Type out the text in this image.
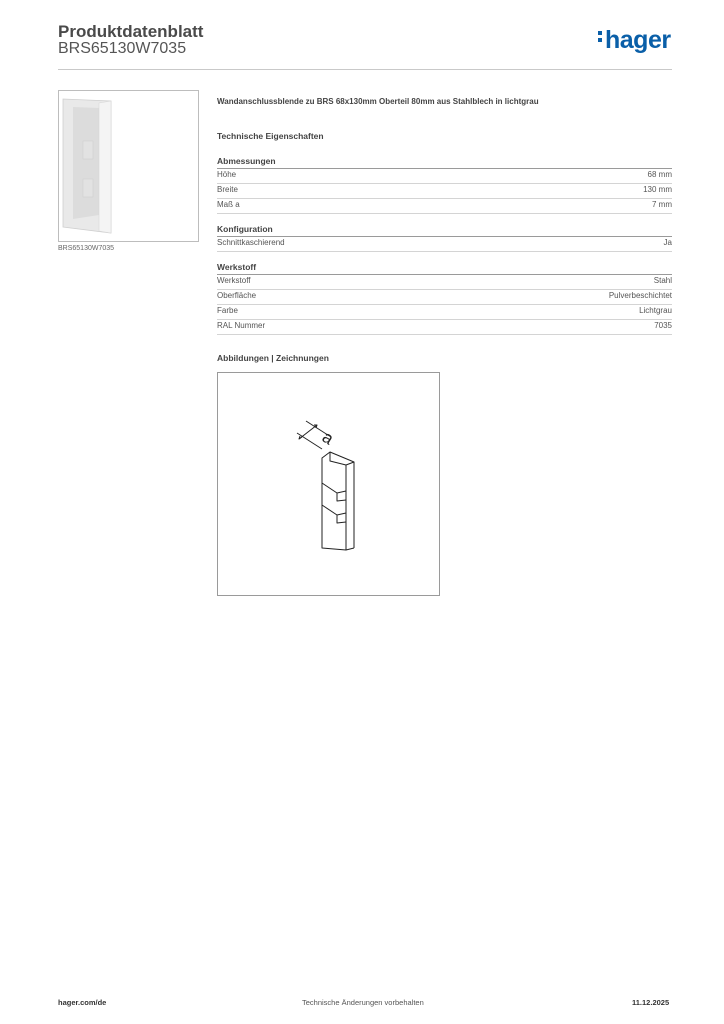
Produktdatenblatt
BRS65130W7035	hager
BRS65130W7035
Wandanschlussblende zu BRS 68x130mm Oberteil 80mm aus Stahlblech in lichtgrau
Technische Eigenschaften
Abmessungen
Höhe	68 mm
Breite	130 mm
Maß a	7 mm
Konfiguration
Schnittkaschierend	Ja
Werkstoff
Werkstoff	Stahl
Oberfläche	Pulverbeschichtet
Farbe	Lichtgrau
RAL Nummer	7035
Abbildungen | Zeichnungen
a
hager.com/de	Technische Änderungen vorbehalten	11.12.2025
